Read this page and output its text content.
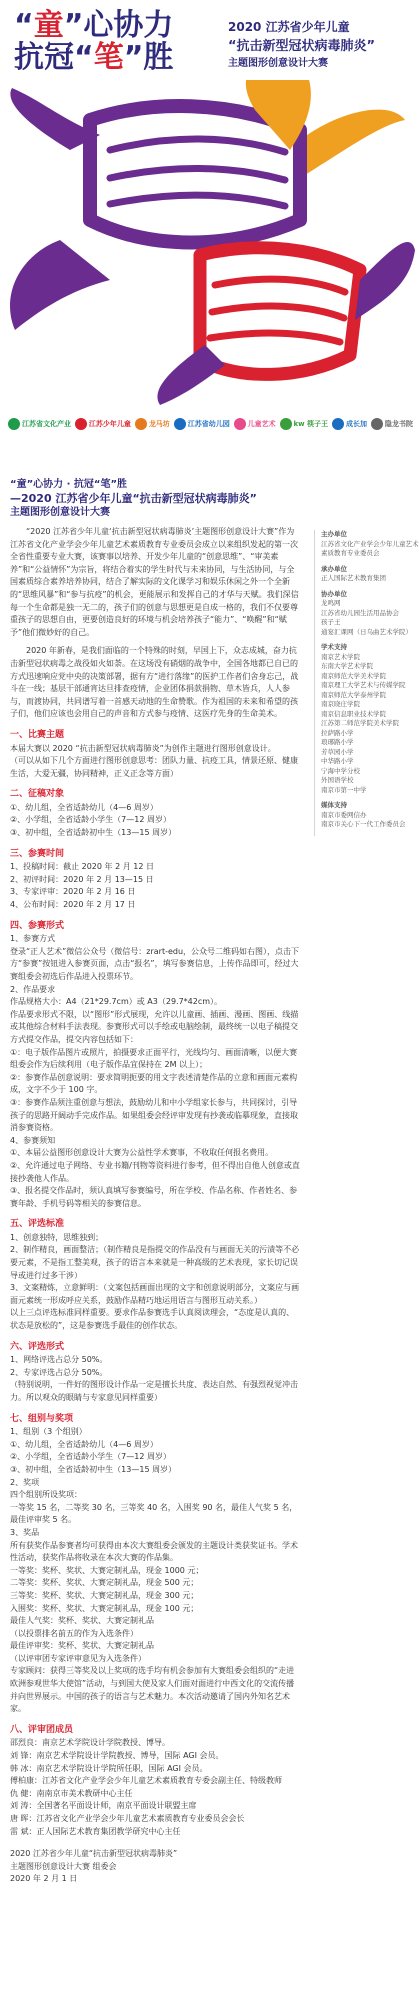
“童”心协力
抗冠“笔”胜
2020 江苏省少年儿童
“抗击新型冠状病毒肺炎”
主题图形创意设计大赛
江苏省文化产业	江苏少年儿童	龙马坊	江苏省幼儿园	儿童艺术	kw 筷子王	成长加	隐龙书院
“童”心协力 · 抗冠“笔”胜
—2020 江苏省少年儿童“抗击新型冠状病毒肺炎”
主题图形创意设计大赛

“2020 江苏省少年儿童‘抗击新型冠状病毒肺炎’主题图形创意设计大赛”作为江苏省文化产业学会少年儿童艺术素质教育专业委员会成立以来组织发起的第一次全省性重要专业大赛，该赛事以培养、开发少年儿童的“创意思维”、“审美素养”和“公益情怀”为宗旨，将结合着实的学生时代与未来协同，与生活协同，与全国素质综合素养培养协同，结合了解实际的文化课学习和娱乐休闲之外一个全新的“思维风暴”和“参与抗疫”的机会，更能展示和发挥自己的才华与天赋。我们深信每一个生命都是独一无二的，孩子们的创意与思想更是自成一格的，我们不仅要尊重孩子的思想自由，更要创造良好的环境与机会培养孩子“能力”、“唤醒”和“赋予”他们微妙好的自己。

2020 年新春，是我们面临的一个特殊的时刻，早国上下，众志成城，奋力抗击新型冠状病毒之战役如火如荼。在这场没有硝烟的战争中，全国各地都已自已的方式迅速响应党中央的决策部署，据有方“进行落缘”的医护工作者们舍身忘己，战斗在一线；基层干部通宵达旦排查疫情，企业团体捐款捐物、草木皆兵，人人参与，而渡协同，共同谱写着一首感天动地的生命赞歌。作为祖国的未来和希望的孩子们，他们应该也会用自己的声音和方式参与疫情、这医疗先身的生命美术。

一、比赛主题
本届大赛以 2020 “抗击新型冠状病毒肺炎”为创作主题进行图形创意设计。
（可以从如下几个方面进行图形创意思考：团队力量、抗疫工具，情景还原、健康生活，大爱无疆，协同精神，正义正念等方面）
二、征稿对象
①、幼儿组，全省适龄幼儿（4—6 周岁）
②、小学组，全省适龄小学生（7—12 周岁）
③、初中组，全省适龄初中生（13—15 周岁）
三、参赛时间
1、投稿时间：截止 2020 年 2 月 12 日
2、初评时间：2020 年 2 月 13—15 日
3、专家评审：2020 年 2 月 16 日
4、公布时间：2020 年 2 月 17 日
四、参赛形式
1、参赛方式
登录“正人艺术”微信公众号（微信号：zrart-edu，公众号二维码如右图），点击下方“参赛”按钮进入参赛页面，点击“报名”，填写参赛信息，上传作品即可，经过大赛组委会初选后作品进入投票环节。
2、作品要求
作品规格大小：A4（21*29.7cm）或 A3（29.7*42cm）。
作品要求形式不限，以“图形”形式展现，允许以儿童画、插画、漫画、图画、线描或其他综合材料手法表现。参赛形式可以手绘或电脑绘制，最终统一以电子稿提交方式提交作品，提交内容包括如下：
①：电子版作品图片或照片，拍摄要求正面平行，光线均匀、画面清晰，以便大赛组委会作为后续利用（电子版作品宜保持在 2M 以上）；
②：参赛作品创意说明：要求简明扼要的用文字表述清楚作品的立意和画面元素构成，文字不少于 100 字。
③：参赛作品须注重创意与想法，鼓励幼儿和中小学组家长参与，共同探讨，引导孩子的思路开阔动手完成作品。如果组委会经评审发现有抄袭或临摹现象，直接取消参赛资格。
4、参赛须知
①、本届公益图形创意设计大赛为公益性学术赛事，不收取任何报名费用。
②、允许通过电子网络、专业书籍/刊物等资料进行参考，但不得出自他人创意或直接抄袭他人作品。
③、报名提交作品时，须认真填写参赛编号，所在学校、作品名称、作者姓名、参赛年龄、手机号码等相关的参赛信息。
五、评选标准
1、创意独特，思维独到；
2、制作精良，画面整洁；（制作精良是指提交的作品没有与画面无关的污渍等不必要元素，不是指工整美观，孩子的语言本来就是一种高级的艺术表现，家长切记误导或进行过多干涉）
3、文案精炼，立意鲜明：（文案包括画面出现的文字和创意说明部分，文案应与画面元素统一形成呼应关系，鼓励作品精巧地运用语言与图形互动关系。）
以上三点评选标准同样重要。要求作品参赛选手认真阅读理会，“态度是认真的、状态是放松的”，这是参赛选手最佳的创作状态。
六、评选形式
1、网络评选占总分 50%。
2、专家评选占总分 50%。
（特别说明，一件好的图形设计作品一定是擅长共度、表达自然、有强烈视觉冲击力。所以观众的眼睛与专家意见同样重要）
七、组别与奖项
1、组别（3 个组别）
①、幼儿组，全省适龄幼儿（4—6 周岁）
②、小学组，全省适龄小学生（7—12 周岁）
③、初中组，全省适龄初中生（13—15 周岁）
2、奖项
四个组别所设奖项：
一等奖 15 名，二等奖 30 名，三等奖 40 名，入围奖 90 名，最佳人气奖 5 名，最佳评审奖 5 名。
3、奖品
所有获奖作品参赛者均可获得由本次大赛组委会颁发的主题设计类获奖证书。学术性活动，获奖作品将收录在本次大赛的作品集。
一等奖：奖杯、奖状、大赛定制礼品，现金 1000 元；
二等奖：奖杯、奖状、大赛定制礼品，现金 500 元；
三等奖：奖杯、奖状、大赛定制礼品，现金 300 元；
入围奖：奖杯、奖状、大赛定制礼品，现金 100 元；
最佳人气奖：奖杯、奖状、大赛定制礼品
（以投票排名前五的作为入选条件）
最佳评审奖：奖杯、奖状、大赛定制礼品
（以评审团专家评审意见为入选条件）
专家顾问：获得三等奖及以上奖项的选手均有机会参加有大赛组委会组织的“走进欧洲参观世华大使馆”活动，与到国大使及家人们面对面进行中西文化的交流传播并向世界展示。中国的孩子的语言与艺术魅力。本次活动邀请了国内外知名艺术家。
八、评审团成员
邵烈良：南京艺术学院设计学院教授、博导。
刘 锋：南京艺术学院设计学院教授、博导，国际 AGI 会员。
韩 冰：南京艺术学院设计学院所任职，国际 AGI 会员。
傅柏康：江苏省文化产业学会少年儿童艺术素质教育专委会副主任、特级教师
仇 健：南南京市美术教研中心主任
刘 涛：全国著名平面设计师，南京平面设计联盟主席
唐 晖：江苏省文化产业学会少年儿童艺术素质教育专业委员会会长
雷 斌：正人国际艺术教育集团教学研究中心主任
2020 江苏省少年儿童“抗击新型冠状病毒肺炎”
主题图形创意设计大赛 组委会
2020 年 2 月 1 日
主办单位
江苏省文化产业学会少年儿童艺术素质教育专业委员会
承办单位
正人国际艺术教育集团
协办单位
龙鸣网
江苏省幼儿园生活用品协会
孩子王
通宴汇课网（日乌曲艺术学院）
学术支持
南京艺术学院
东南大学艺术学院
南京师范大学美术学院
南京理工大学艺术与传媒学院
南京师范大学泰州学院
南京晓庄学院
南京信息职业技术学院
江苏第二师范学院美术学院
拉萨路小学
琅琊路小学
芳草园小学
中华路小学
宁海中学分校
外国语学校
南京市第一中学
媒体支持
南京市委网信办
南京市关心下一代工作委员会
